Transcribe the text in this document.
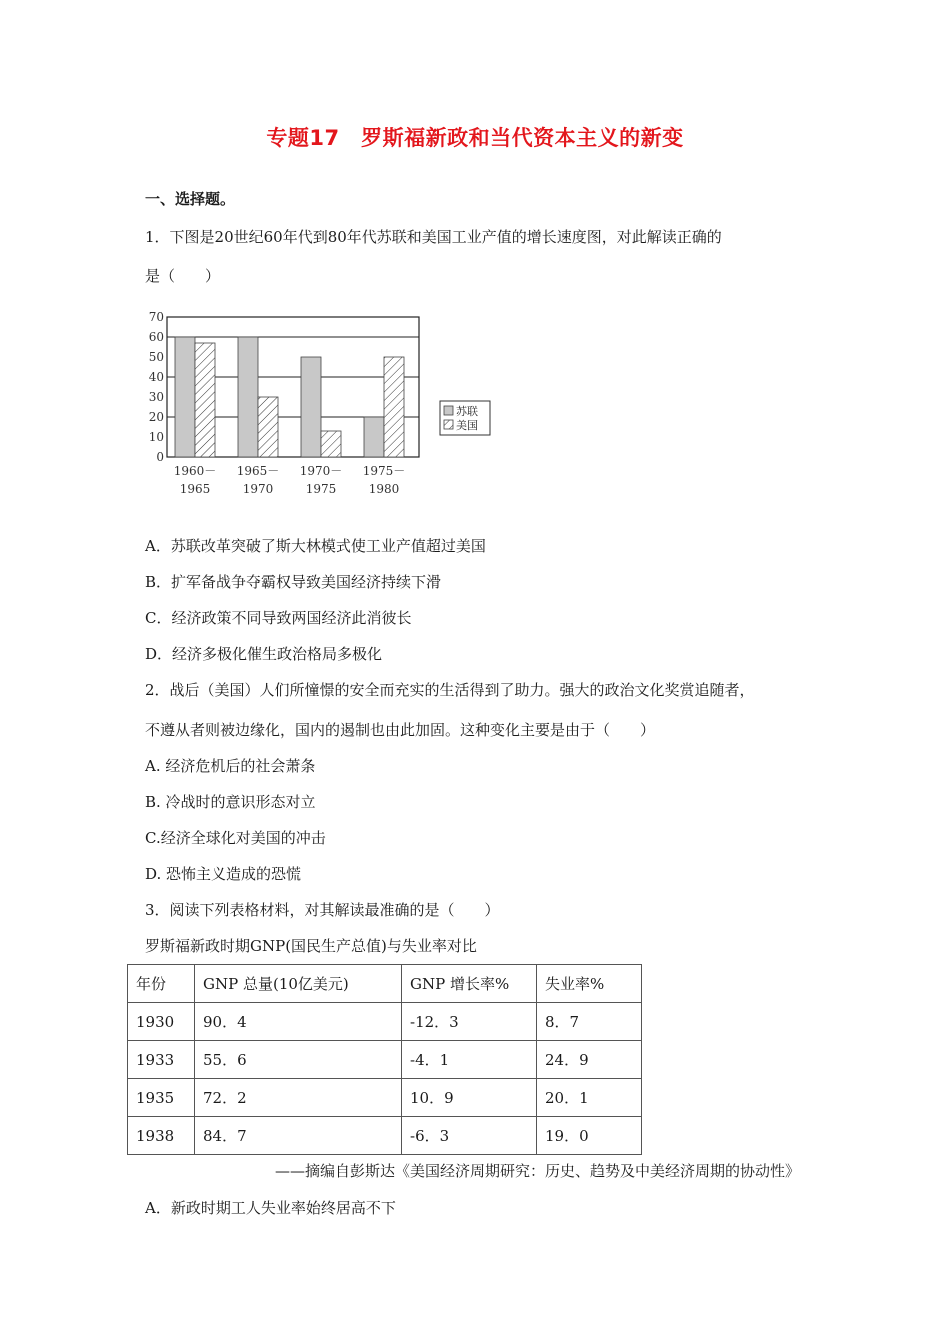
专题17　罗斯福新政和当代资本主义的新变
一、选择题。
1．下图是20世纪60年代到80年代苏联和美国工业产值的增长速度图，对此解读正确的
是（　　）
0
10
20
30
40
50
60
70
1960－
1965
1965－
1970
1970－
1975
1975－
1980
苏联
美国
A．苏联改革突破了斯大林模式使工业产值超过美国
B．扩军备战争夺霸权导致美国经济持续下滑
C．经济政策不同导致两国经济此消彼长
D．经济多极化催生政治格局多极化
2．战后（美国）人们所憧憬的安全而充实的生活得到了助力。强大的政治文化奖赏追随者，
不遵从者则被边缘化，国内的遏制也由此加固。这种变化主要是由于（　　）
A. 经济危机后的社会萧条
B. 冷战时的意识形态对立
C.经济全球化对美国的冲击
D. 恐怖主义造成的恐慌
3．阅读下列表格材料，对其解读最准确的是（　　）
罗斯福新政时期GNP(国民生产总值)与失业率对比
年份	GNP 总量(10亿美元)	GNP 增长率%	失业率%
1930	90．4	-12．3	8．7
1933	55．6	-4．1	24．9
1935	72．2	10．9	20．1
1938	84．7	-6．3	19．0
——摘编自彭斯达《美国经济周期研究：历史、趋势及中美经济周期的协动性》
A．新政时期工人失业率始终居高不下
